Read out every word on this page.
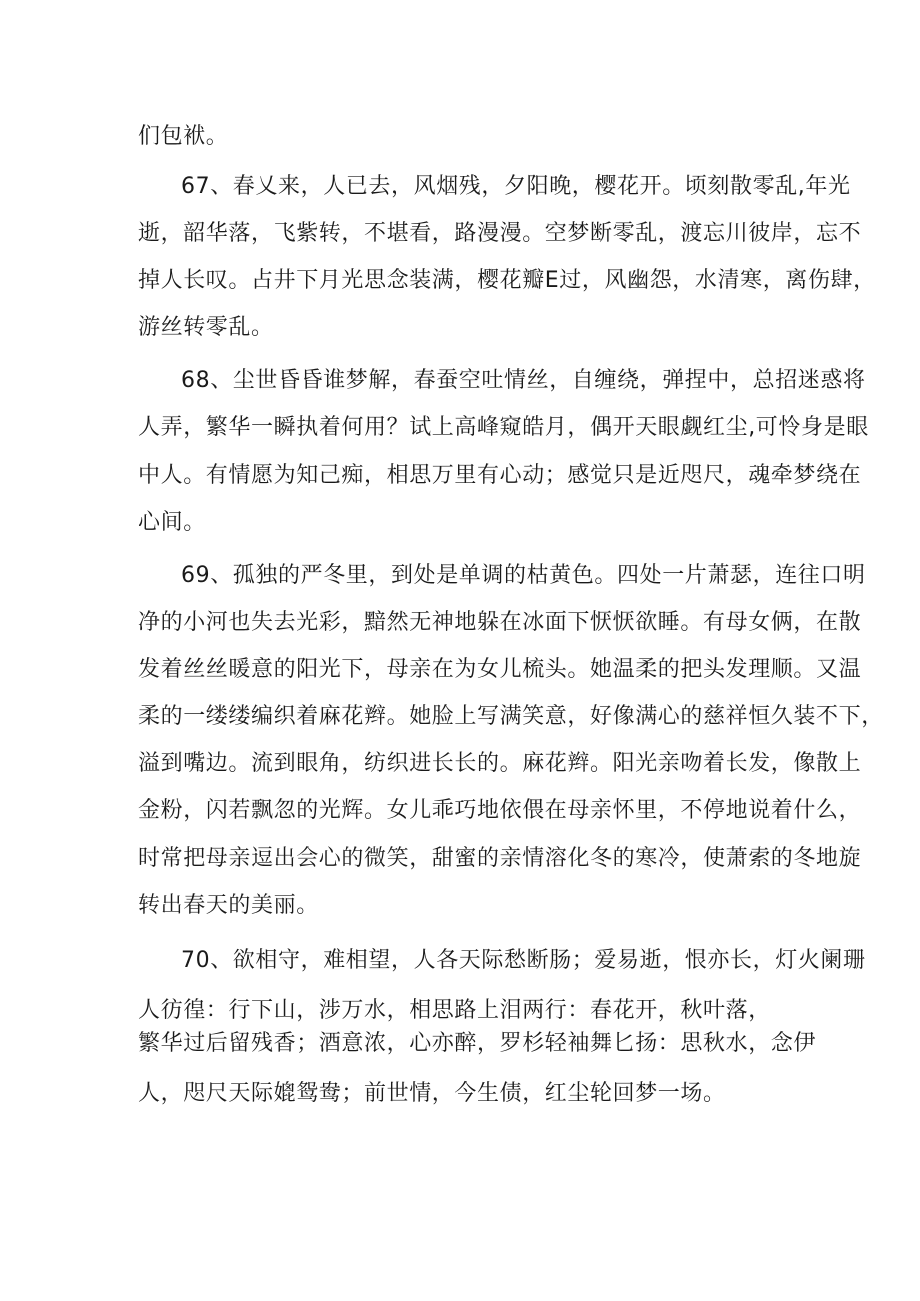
们包袱。
67、春乂来，人已去，风烟残，夕阳晚，樱花开。顷刻散零乱,年光
逝，韶华落，飞紫转，不堪看，路漫漫。空梦断零乱，渡忘川彼岸，忘不
掉人长叹。占井下月光思念装满，樱花瓣E过，风幽怨，水清寒，离伤肆，
游丝转零乱。
68、尘世昏昏谁梦解，春蚕空吐情丝，自缠绕，弹捏中，总招迷惑将
人弄，繁华一瞬执着何用？试上高峰窥皓月，偶开天眼觑红尘,可怜身是眼
中人。有情愿为知己痴，相思万里有心动；感觉只是近咫尺，魂牵梦绕在
心间。
69、孤独的严冬里，到处是单调的枯黄色。四处一片萧瑟，连往口明
净的小河也失去光彩，黯然无神地躲在冰面下恹恹欲睡。有母女俩，在散
发着丝丝暖意的阳光下，母亲在为女儿梳头。她温柔的把头发理顺。又温
柔的一缕缕编织着麻花辫。她脸上写满笑意，好像满心的慈祥恒久装不下，
溢到嘴边。流到眼角，纺织进长长的。麻花辫。阳光亲吻着长发，像散上
金粉，闪若飘忽的光辉。女儿乖巧地依偎在母亲怀里，不停地说着什么，
时常把母亲逗出会心的微笑，甜蜜的亲情溶化冬的寒冷，使萧索的冬地旋
转出春天的美丽。
70、欲相守，难相望，人各天际愁断肠；爱易逝，恨亦长，灯火阑珊
人彷徨：行下山，涉万水，相思路上泪两行：春花开，秋叶落，
繁华过后留残香；酒意浓，心亦醉，罗杉轻袖舞匕扬：思秋水，念伊
人，咫尺天际媲鸳鸯；前世情，今生债，红尘轮回梦一场。
